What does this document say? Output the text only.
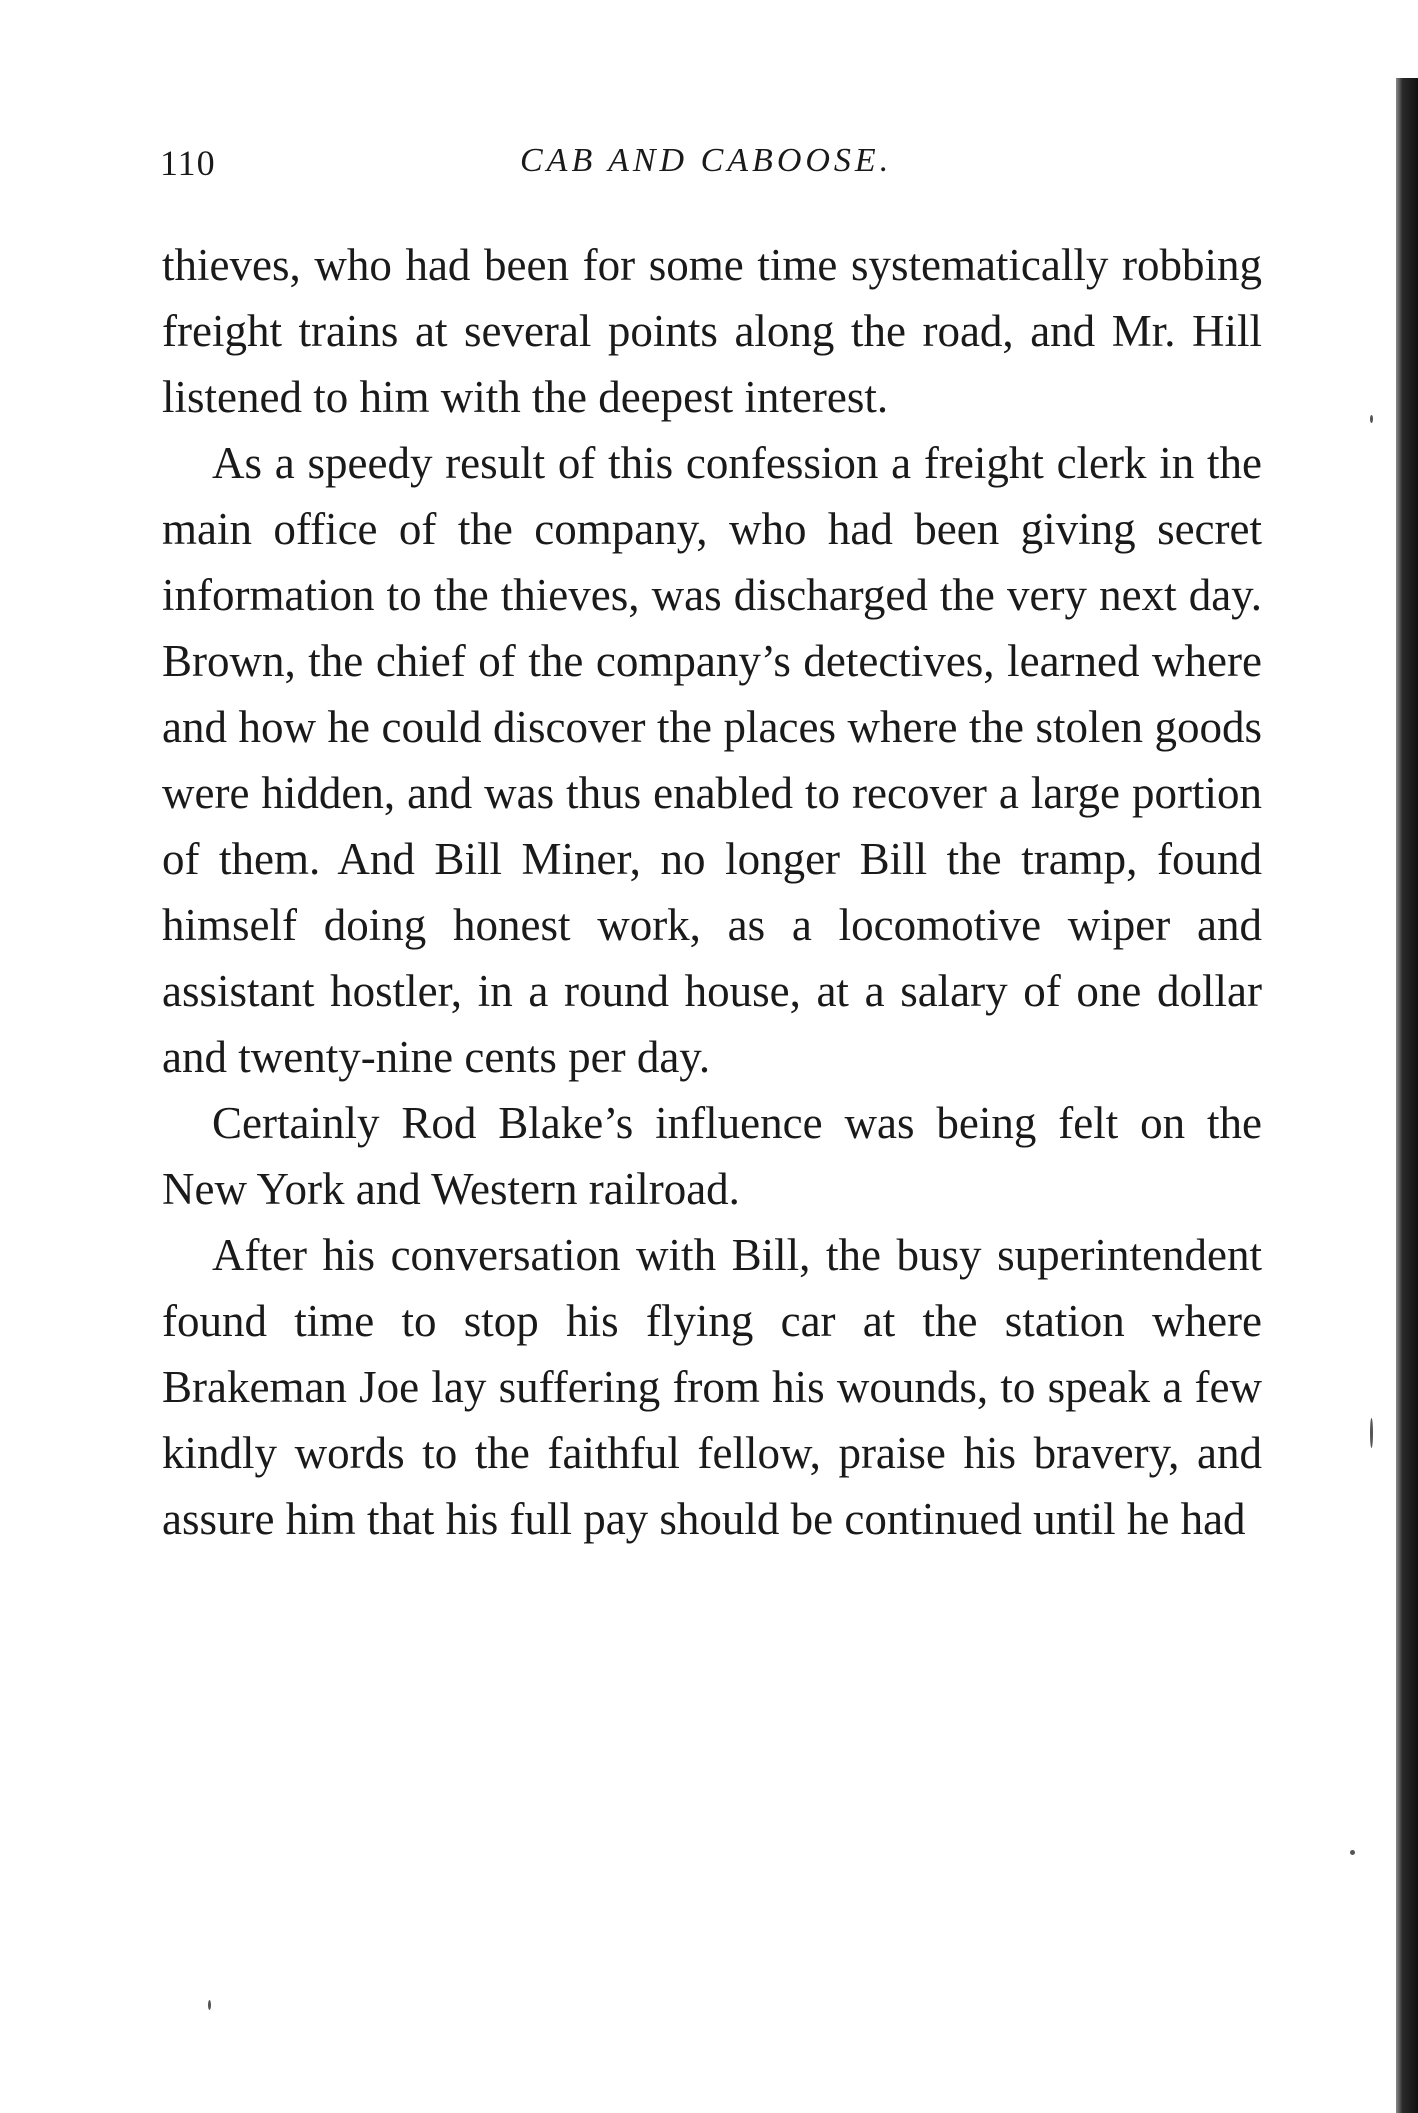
110	CAB AND CABOOSE.

thieves, who had been for some time systematically robbing freight trains at several points along the road, and Mr. Hill listened to him with the deepest interest.

As a speedy result of this confession a freight clerk in the main office of the company, who had been giving secret information to the thieves, was discharged the very next day. Brown, the chief of the company’s detectives, learned where and how he could discover the places where the stolen goods were hidden, and was thus enabled to recover a large portion of them. And Bill Miner, no longer Bill the tramp, found himself doing honest work, as a locomotive wiper and assistant hostler, in a round house, at a salary of one dollar and twenty-nine cents per day.

Certainly Rod Blake’s influence was being felt on the New York and Western railroad.

After his conversation with Bill, the busy superintendent found time to stop his flying car at the station where Brakeman Joe lay suffering from his wounds, to speak a few kindly words to the faithful fellow, praise his bravery, and assure him that his full pay should be continued until he had
